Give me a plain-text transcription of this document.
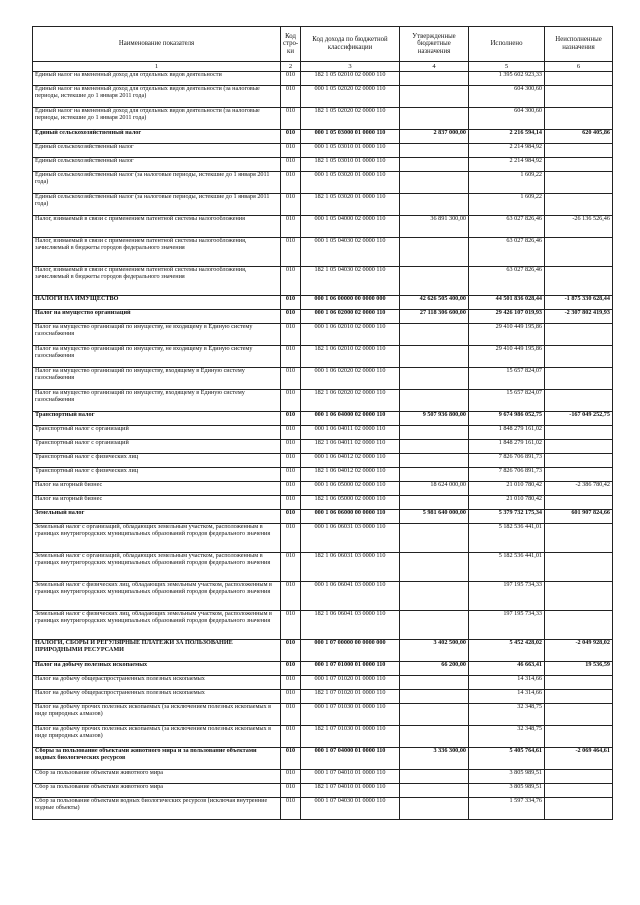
Наименование показателя	Код стро-ки	Код дохода по бюджетной классификации	Утвержденные бюджетные назначения	Исполнено	Неисполненные назначения
1	2	3	4	5	6
Единый налог на вмененный доход для отдельных видов деятельности	010	182 1 05 02010 02 0000 110		1 395 602 923,33	
Единый налог на вмененный доход для отдельных видов деятельности (за налоговые периоды, истекшие до 1 января 2011 года)	010	000 1 05 02020 02 0000 110		604 300,60	
Единый налог на вмененный доход для отдельных видов деятельности (за налоговые периоды, истекшие до 1 января 2011 года)	010	182 1 05 02020 02 0000 110		604 300,60	
Единый сельскохозяйственный налог	010	000 1 05 03000 01 0000 110	2 837 000,00	2 216 594,14	620 405,86
Единый сельскохозяйственный налог	010	000 1 05 03010 01 0000 110		2 214 984,92	
Единый сельскохозяйственный налог	010	182 1 05 03010 01 0000 110		2 214 984,92	
Единый сельскохозяйственный налог (за налоговые периоды, истекшие до 1 января 2011 года)	010	000 1 05 03020 01 0000 110		1 609,22	
Единый сельскохозяйственный налог (за налоговые периоды, истекшие до 1 января 2011 года)	010	182 1 05 03020 01 0000 110		1 609,22	
Налог, взимаемый в связи с применением патентной системы налогообложения	010	000 1 05 04000 02 0000 110	36 891 300,00	63 027 826,46	-26 136 526,46
Налог, взимаемый в связи с применением патентной системы налогообложения, зачисляемый в бюджеты городов федерального значения	010	000 1 05 04030 02 0000 110		63 027 826,46	
Налог, взимаемый в связи с применением патентной системы налогообложения, зачисляемый в бюджеты городов федерального значения	010	182 1 05 04030 02 0000 110		63 027 826,46	
НАЛОГИ НА ИМУЩЕСТВО	010	000 1 06 00000 00 0000 000	42 626 505 400,00	44 501 836 028,44	-1 875 330 628,44
Налог на имущество организаций	010	000 1 06 02000 02 0000 110	27 118 306 600,00	29 426 107 019,93	-2 307 802 419,93
Налог на имущество организаций по имуществу, не входящему в Единую систему газоснабжения	010	000 1 06 02010 02 0000 110		29 410 449 195,86	
Налог на имущество организаций по имуществу, не входящему в Единую систему газоснабжения	010	182 1 06 02010 02 0000 110		29 410 449 195,86	
Налог на имущество организаций по имуществу, входящему в Единую систему газоснабжения	010	000 1 06 02020 02 0000 110		15 657 824,07	
Налог на имущество организаций по имуществу, входящему в Единую систему газоснабжения	010	182 1 06 02020 02 0000 110		15 657 824,07	
Транспортный налог	010	000 1 06 04000 02 0000 110	9 507 936 800,00	9 674 986 052,75	-167 049 252,75
Транспортный налог с организаций	010	000 1 06 04011 02 0000 110		1 848 279 161,02	
Транспортный налог с организаций	010	182 1 06 04011 02 0000 110		1 848 279 161,02	
Транспортный налог с физических лиц	010	000 1 06 04012 02 0000 110		7 826 706 891,73	
Транспортный налог с физических лиц	010	182 1 06 04012 02 0000 110		7 826 706 891,73	
Налог на игорный бизнес	010	000 1 06 05000 02 0000 110	18 624 000,00	21 010 780,42	-2 386 780,42
Налог на игорный бизнес	010	182 1 06 05000 02 0000 110		21 010 780,42	
Земельный налог	010	000 1 06 06000 00 0000 110	5 981 640 000,00	5 379 732 175,34	601 907 824,66
Земельный налог с организаций, обладающих земельным участком, расположенным в границах внутригородских муниципальных образований городов федерального значения	010	000 1 06 06031 03 0000 110		5 182 536 441,01	
Земельный налог с организаций, обладающих земельным участком, расположенным в границах внутригородских муниципальных образований городов федерального значения	010	182 1 06 06031 03 0000 110		5 182 536 441,01	
Земельный налог с физических лиц, обладающих земельным участком, расположенным в границах внутригородских муниципальных образований городов федерального значения	010	000 1 06 06041 03 0000 110		197 195 734,33	
Земельный налог с физических лиц, обладающих земельным участком, расположенным в границах внутригородских муниципальных образований городов федерального значения	010	182 1 06 06041 03 0000 110		197 195 734,33	
НАЛОГИ, СБОРЫ И РЕГУЛЯРНЫЕ ПЛАТЕЖИ ЗА ПОЛЬЗОВАНИЕ ПРИРОДНЫМИ РЕСУРСАМИ	010	000 1 07 00000 00 0000 000	3 402 500,00	5 452 428,02	-2 049 928,02
Налог на добычу полезных ископаемых	010	000 1 07 01000 01 0000 110	66 200,00	46 663,41	19 536,59
Налог на добычу общераспространенных полезных ископаемых	010	000 1 07 01020 01 0000 110		14 314,66	
Налог на добычу общераспространенных полезных ископаемых	010	182 1 07 01020 01 0000 110		14 314,66	
Налог на добычу прочих полезных ископаемых (за исключением полезных ископаемых в виде природных алмазов)	010	000 1 07 01030 01 0000 110		32 348,75	
Налог на добычу прочих полезных ископаемых (за исключением полезных ископаемых в виде природных алмазов)	010	182 1 07 01030 01 0000 110		32 348,75	
Сборы за пользование объектами животного мира и за пользование объектами водных биологических ресурсов	010	000 1 07 04000 01 0000 110	3 336 300,00	5 405 764,61	-2 069 464,61
Сбор за пользование объектами животного мира	010	000 1 07 04010 01 0000 110		3 805 989,51	
Сбор за пользование объектами животного мира	010	182 1 07 04010 01 0000 110		3 805 989,51	
Сбор за пользование объектами водных биологических ресурсов (исключая внутренние водные объекты)	010	000 1 07 04030 01 0000 110		1 597 334,76	
